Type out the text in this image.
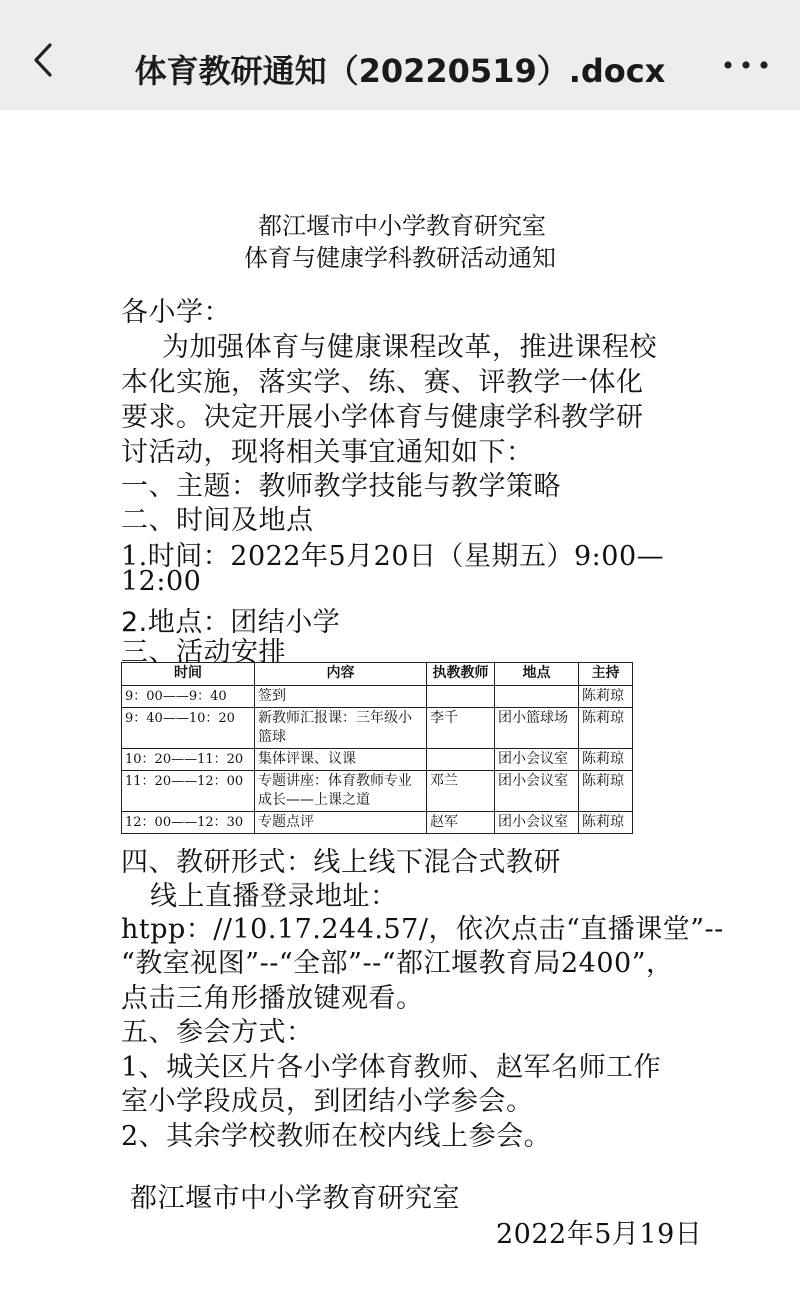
体育教研通知（20220519）.docx
都江堰市中小学教育研究室
体育与健康学科教研活动通知
各小学：
为加强体育与健康课程改革，推进课程校
本化实施，落实学、练、赛、评教学一体化
要求。决定开展小学体育与健康学科教学研
讨活动，现将相关事宜通知如下：
一、主题：教师教学技能与教学策略
二、时间及地点
1.时间：2022年5月20日（星期五）9:00—
12:00
2.地点：团结小学
三、活动安排
时间	内容	执教教师	地点	主持
9：00——9：40	签到			陈莉琼
9：40——10：20	新教师汇报课：三年级小篮球	李千	团小篮球场	陈莉琼
10：20——11：20	集体评课、议课		团小会议室	陈莉琼
11：20——12：00	专题讲座：体育教师专业成长——上课之道	邓兰	团小会议室	陈莉琼
12：00——12：30	专题点评	赵军	团小会议室	陈莉琼
四、教研形式：线上线下混合式教研
线上直播登录地址：
htpp：//10.17.244.57/，依次点击“直播课堂”--
“教室视图”--“全部”--“都江堰教育局2400”，
点击三角形播放键观看。
五、参会方式：
1、城关区片各小学体育教师、赵军名师工作
室小学段成员，到团结小学参会。
2、其余学校教师在校内线上参会。
都江堰市中小学教育研究室
2022年5月19日
